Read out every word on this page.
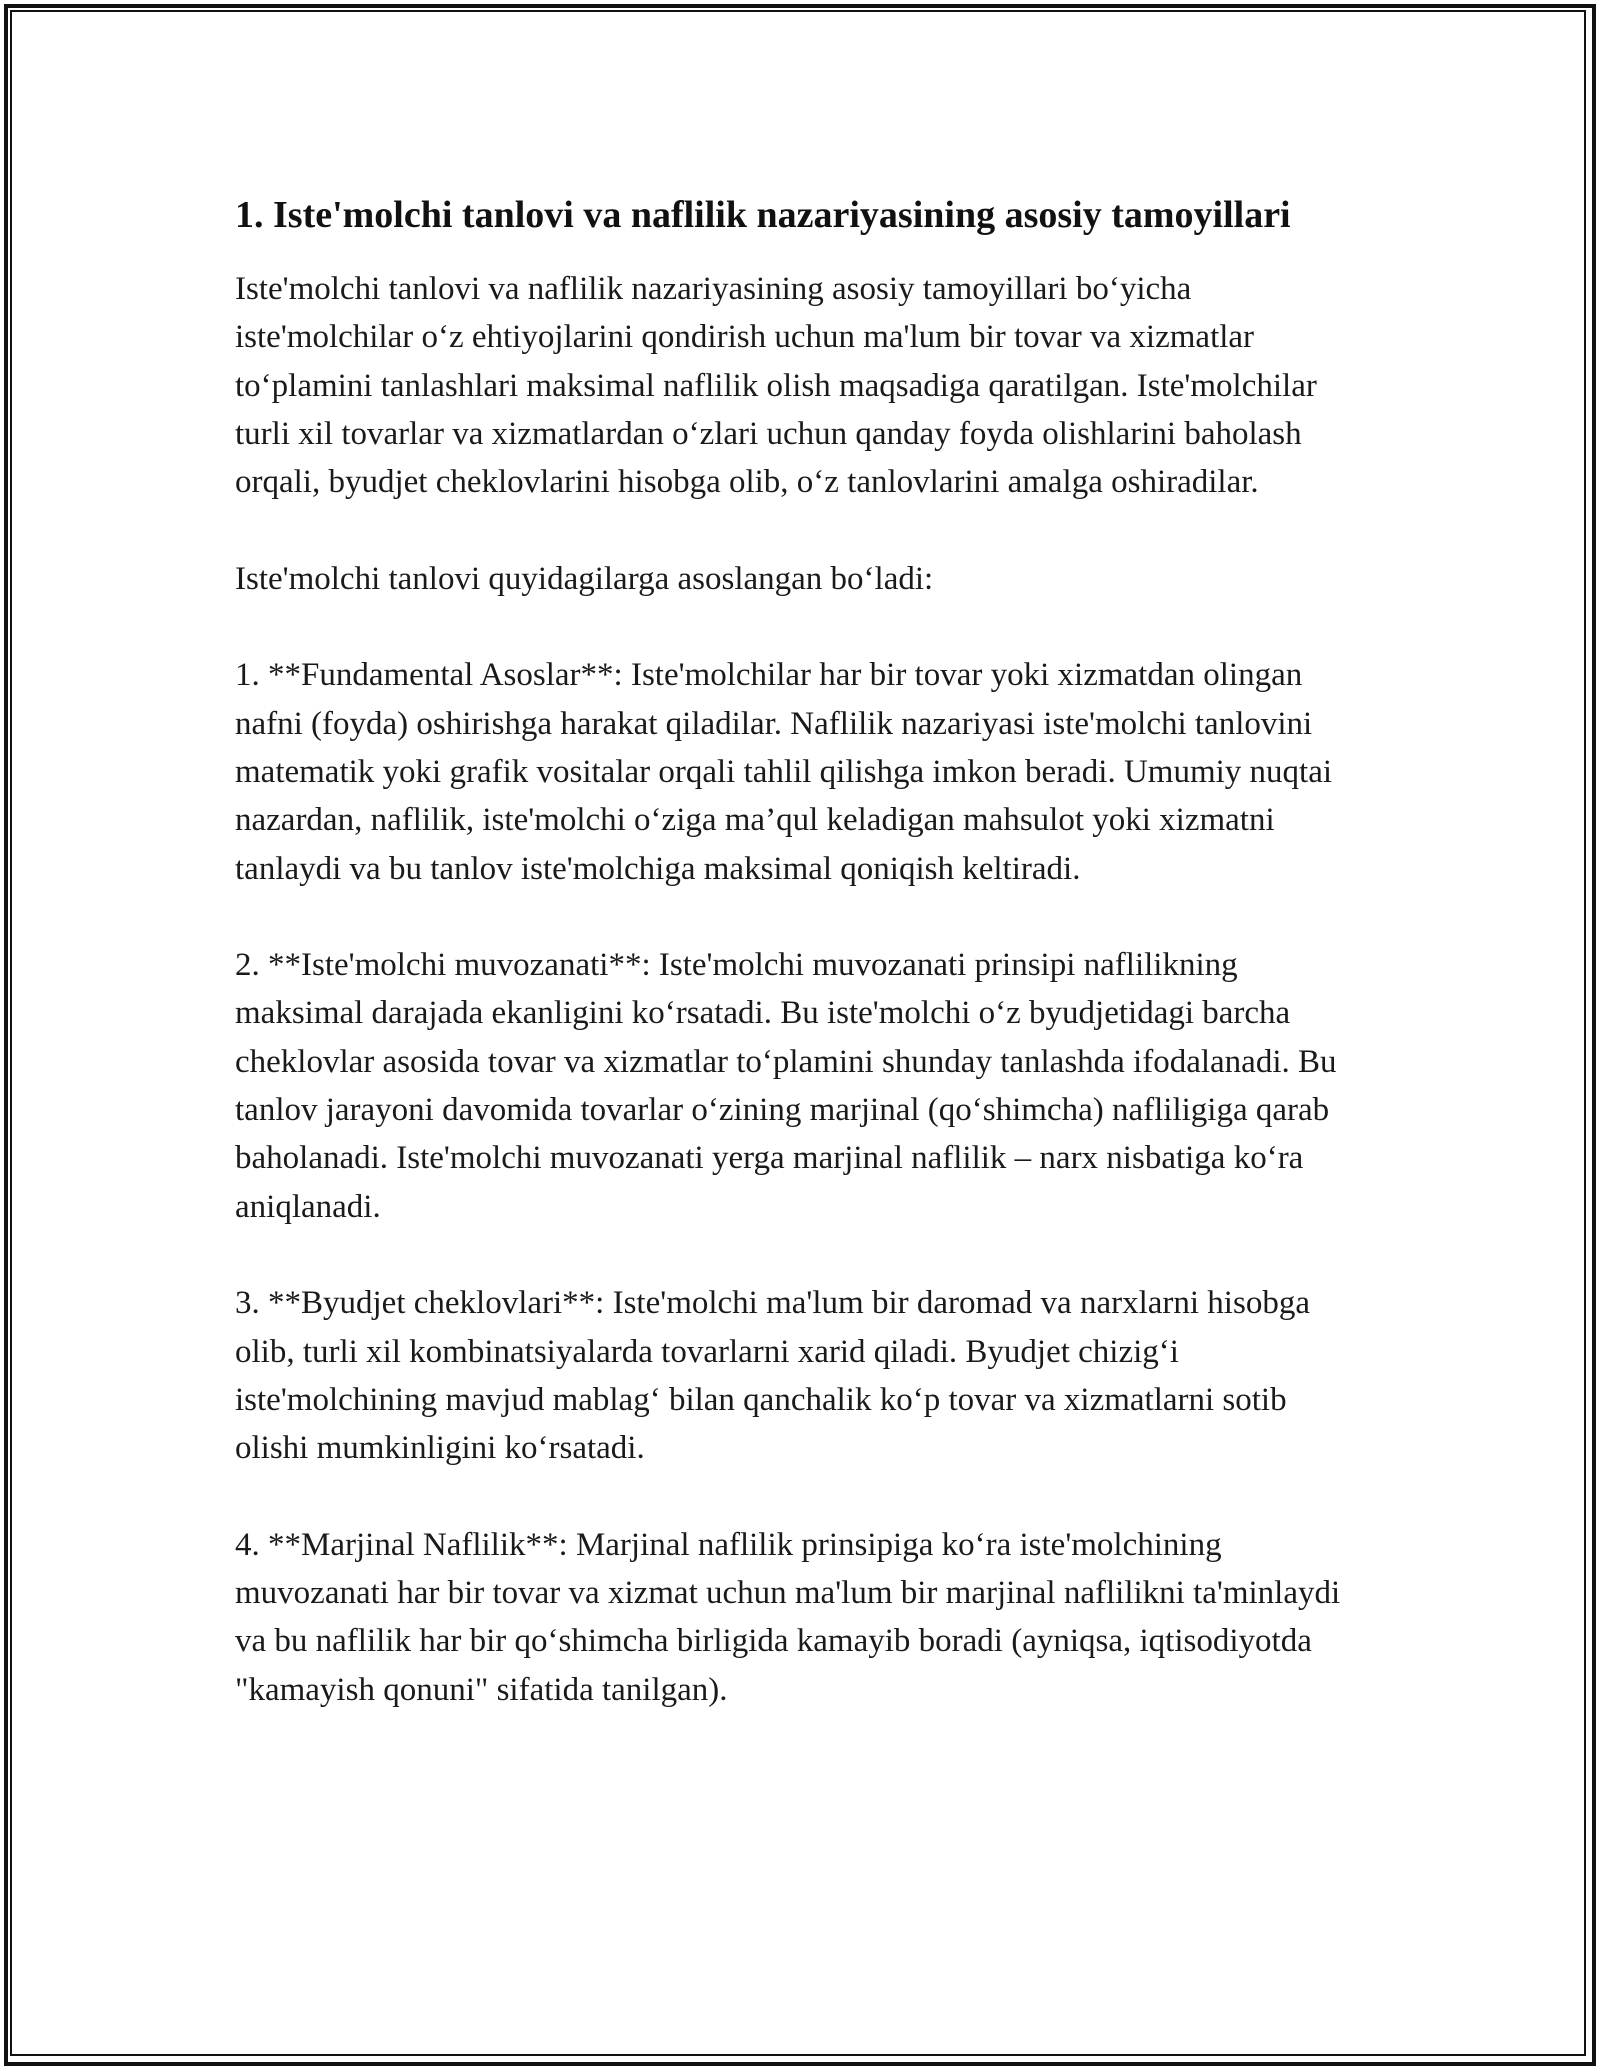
1. Iste'molchi tanlovi va naflilik nazariyasining asosiy tamoyillari

Iste'molchi tanlovi va naflilik nazariyasining asosiy tamoyillari bo‘yicha iste'molchilar o‘z ehtiyojlarini qondirish uchun ma'lum bir tovar va xizmatlar to‘plamini tanlashlari maksimal naflilik olish maqsadiga qaratilgan. Iste'molchilar turli xil tovarlar va xizmatlardan o‘zlari uchun qanday foyda olishlarini baholash orqali, byudjet cheklovlarini hisobga olib, o‘z tanlovlarini amalga oshiradilar.

Iste'molchi tanlovi quyidagilarga asoslangan bo‘ladi:

1. **Fundamental Asoslar**: Iste'molchilar har bir tovar yoki xizmatdan olingan nafni (foyda) oshirishga harakat qiladilar. Naflilik nazariyasi iste'molchi tanlovini matematik yoki grafik vositalar orqali tahlil qilishga imkon beradi. Umumiy nuqtai nazardan, naflilik, iste'molchi o‘ziga ma’qul keladigan mahsulot yoki xizmatni tanlaydi va bu tanlov iste'molchiga maksimal qoniqish keltiradi.

2. **Iste'molchi muvozanati**: Iste'molchi muvozanati prinsipi naflilikning maksimal darajada ekanligini ko‘rsatadi. Bu iste'molchi o‘z byudjetidagi barcha cheklovlar asosida tovar va xizmatlar to‘plamini shunday tanlashda ifodalanadi. Bu tanlov jarayoni davomida tovarlar o‘zining marjinal (qo‘shimcha) nafliligiga qarab baholanadi. Iste'molchi muvozanati yerga marjinal naflilik – narx nisbatiga ko‘ra aniqlanadi.

3. **Byudjet cheklovlari**: Iste'molchi ma'lum bir daromad va narxlarni hisobga olib, turli xil kombinatsiyalarda tovarlarni xarid qiladi. Byudjet chizig‘i iste'molchining mavjud mablag‘ bilan qanchalik ko‘p tovar va xizmatlarni sotib olishi mumkinligini ko‘rsatadi.

4. **Marjinal Naflilik**: Marjinal naflilik prinsipiga ko‘ra iste'molchining muvozanati har bir tovar va xizmat uchun ma'lum bir marjinal naflilikni ta'minlaydi va bu naflilik har bir qo‘shimcha birligida kamayib boradi (ayniqsa, iqtisodiyotda "kamayish qonuni" sifatida tanilgan).
